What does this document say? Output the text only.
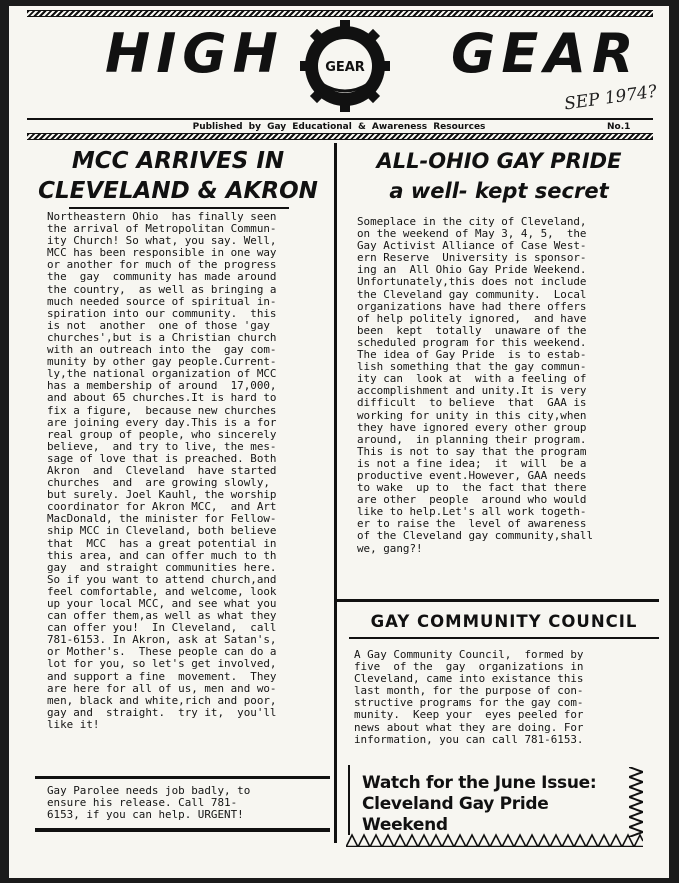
HIGH	GEAR
GEAR
SEP 1974?
Published by Gay Educational & Awareness Resources	No.1
MCC ARRIVES IN
CLEVELAND & AKRON
Northeastern Ohio  has finally seen
the arrival of Metropolitan Commun-
ity Church! So what, you say. Well,
MCC has been responsible in one way
or another for much of the progress
the  gay  community has made around
the country,  as well as bringing a
much needed source of spiritual in-
spiration into our community.  this
is not  another  one of those 'gay
churches',but is a Christian church
with an outreach into the  gay com-
munity by other gay people.Current-
ly,the national organization of MCC
has a membership of around  17,000,
and about 65 churches.It is hard to
fix a figure,  because new churches
are joining every day.This is a for
real group of people, who sincerely
believe,  and try to live, the mes-
sage of love that is preached. Both
Akron  and  Cleveland  have started
churches  and  are growing slowly,
but surely. Joel Kauhl, the worship
coordinator for Akron MCC,  and Art
MacDonald, the minister for Fellow-
ship MCC in Cleveland, both believe
that  MCC  has a great potential in
this area, and can offer much to th
gay  and straight communities here.
So if you want to attend church,and
feel comfortable, and welcome, look
up your local MCC, and see what you
can offer them,as well as what they
can offer you!  In Cleveland,  call
781-6153. In Akron, ask at Satan's,
or Mother's.  These people can do a
lot for you, so let's get involved,
and support a fine  movement.  They
are here for all of us, men and wo-
men, black and white,rich and poor,
gay and  straight.  try it,  you'll
like it!
Gay Parolee needs job badly, to
ensure his release. Call 781-
6153, if you can help. URGENT!
ALL-OHIO GAY PRIDE
a well- kept secret
Someplace in the city of Cleveland,
on the weekend of May 3, 4, 5,  the
Gay Activist Alliance of Case West-
ern Reserve  University is sponsor-
ing an  All Ohio Gay Pride Weekend.
Unfortunately,this does not include
the Cleveland gay community.  Local
organizations have had there offers
of help politely ignored,  and have
been  kept  totally  unaware of the
scheduled program for this weekend.
The idea of Gay Pride  is to estab-
lish something that the gay commun-
ity can  look at  with a feeling of
accomplishment and unity.It is very
difficult  to believe  that  GAA is
working for unity in this city,when
they have ignored every other group
around,  in planning their program.
This is not to say that the program
is not a fine idea;  it  will  be a
productive event.However, GAA needs
to wake  up to  the fact that there
are other  people  around who would
like to help.Let's all work togeth-
er to raise the  level of awareness
of the Cleveland gay community,shall
we, gang?!
GAY COMMUNITY COUNCIL
A Gay Community Council,  formed by
five  of the  gay  organizations in
Cleveland, came into existance this
last month, for the purpose of con-
structive programs for the gay com-
munity.  Keep your  eyes peeled for
news about what they are doing. For
information, you can call 781-6153.
Watch for the June Issue:
Cleveland Gay Pride Weekend
